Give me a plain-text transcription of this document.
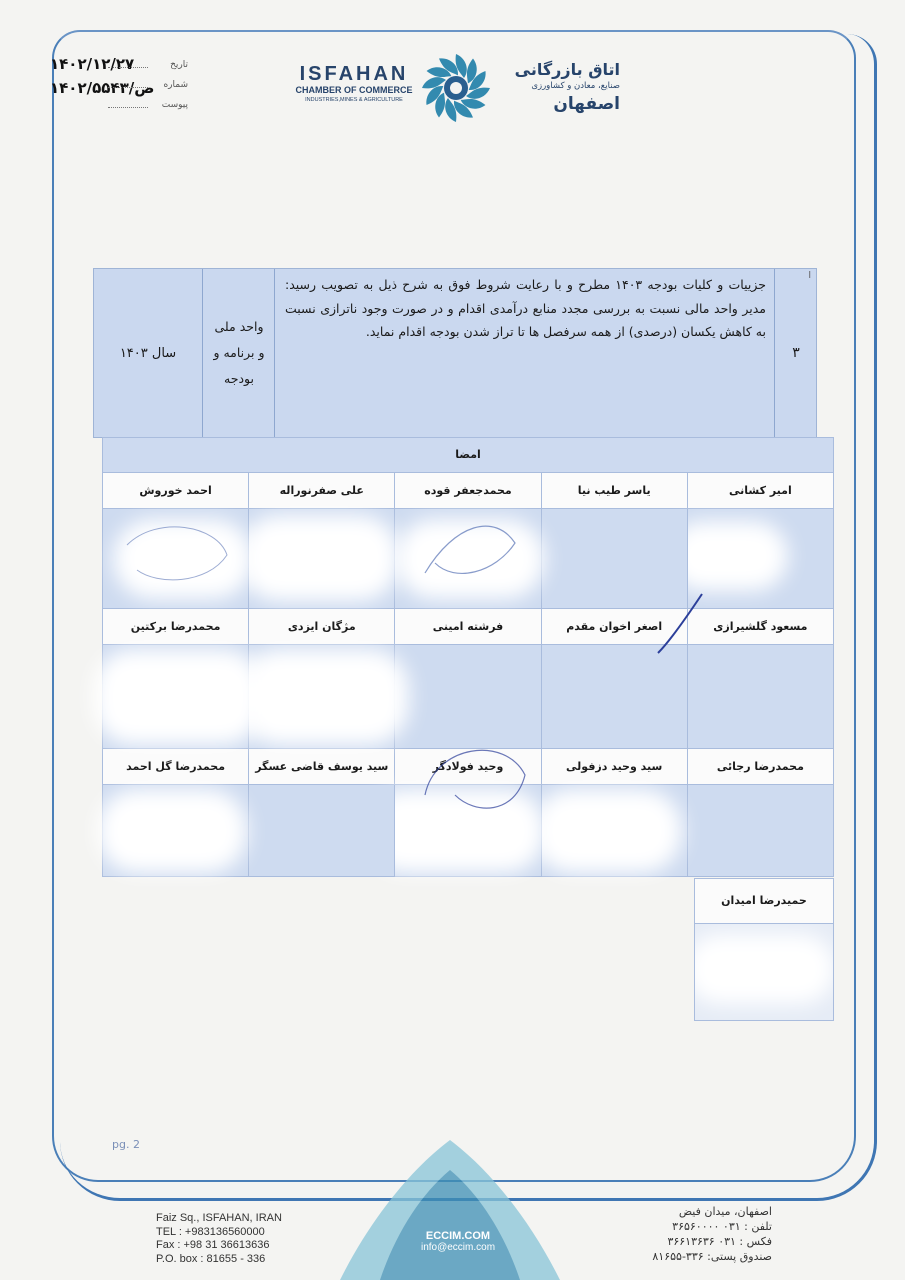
۱۴۰۲/۱۲/۲۷	تاریخ
۱۴۰۲/ص/۵۵۴۳ شماره
پیوست
ISFAHAN
CHAMBER OF COMMERCE
INDUSTRIES,MINES & AGRICULTURE
اتاق بازرگانی
صنایع، معادن و کشاورزی
اصفهان
ا
۳
جزییات و کلیات بودجه ۱۴۰۳ مطرح و با رعایت شروط فوق به شرح ذیل به تصویب رسید: مدیر واحد مالی نسبت به بررسی مجدد منابع درآمدی اقدام و در صورت وجود ناترازی نسبت به کاهش یکسان (درصدی) از همه سرفصل ها تا تراز شدن بودجه اقدام نماید.
واحد ملی و برنامه و بودجه
سال ۱۴۰۳
امضا
امیر کشانی
یاسر طیب نیا
محمدجعفر قوده
علی صفرنوراله
احمد خوروش
مسعود گلشیرازی
اصغر اخوان مقدم
فرشته امینی
مژگان ایزدی
محمدرضا برکتین
محمدرضا رجائی
سید وحید دزفولی
وحید فولادگر
سید یوسف قاضی عسگر
محمدرضا گل احمد
حمیدرضا امیدان
pg. 2
Faiz Sq., ISFAHAN, IRAN
TEL : +983136560000
Fax : +98 31 36613636
P.O. box : 81655 - 336
ECCIM.COM
info@eccim.com
اصفهان، میدان فیض
تلفن : ۰۳۱ ۳۶۵۶۰۰۰۰
فکس : ۰۳۱ ۳۶۶۱۳۶۳۶
صندوق پستی: ۳۳۶-۸۱۶۵۵
